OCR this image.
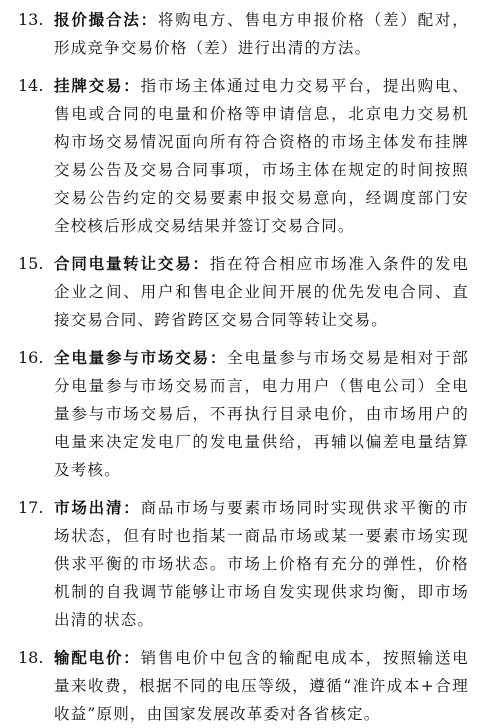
13. 报价撮合法：将购电方、售电方申报价格（差）配对，形成竞争交易价格（差）进行出清的方法。
14. 挂牌交易：指市场主体通过电力交易平台，提出购电、售电或合同的电量和价格等申请信息，北京电力交易机构市场交易情况面向所有符合资格的市场主体发布挂牌交易公告及交易合同事项，市场主体在规定的时间按照交易公告约定的交易要素申报交易意向，经调度部门安全校核后形成交易结果并签订交易合同。
15. 合同电量转让交易：指在符合相应市场准入条件的发电企业之间、用户和售电企业间开展的优先发电合同、直接交易合同、跨省跨区交易合同等转让交易。
16. 全电量参与市场交易：全电量参与市场交易是相对于部分电量参与市场交易而言，电力用户（售电公司）全电量参与市场交易后，不再执行目录电价，由市场用户的电量来决定发电厂的发电量供给，再辅以偏差电量结算及考核。
17. 市场出清：商品市场与要素市场同时实现供求平衡的市场状态，但有时也指某一商品市场或某一要素市场实现供求平衡的市场状态。市场上价格有充分的弹性，价格机制的自我调节能够让市场自发实现供求均衡，即市场出清的状态。
18. 输配电价：销售电价中包含的输配电成本，按照输送电量来收费，根据不同的电压等级，遵循“准许成本+合理收益”原则，由国家发展改革委对各省核定。
